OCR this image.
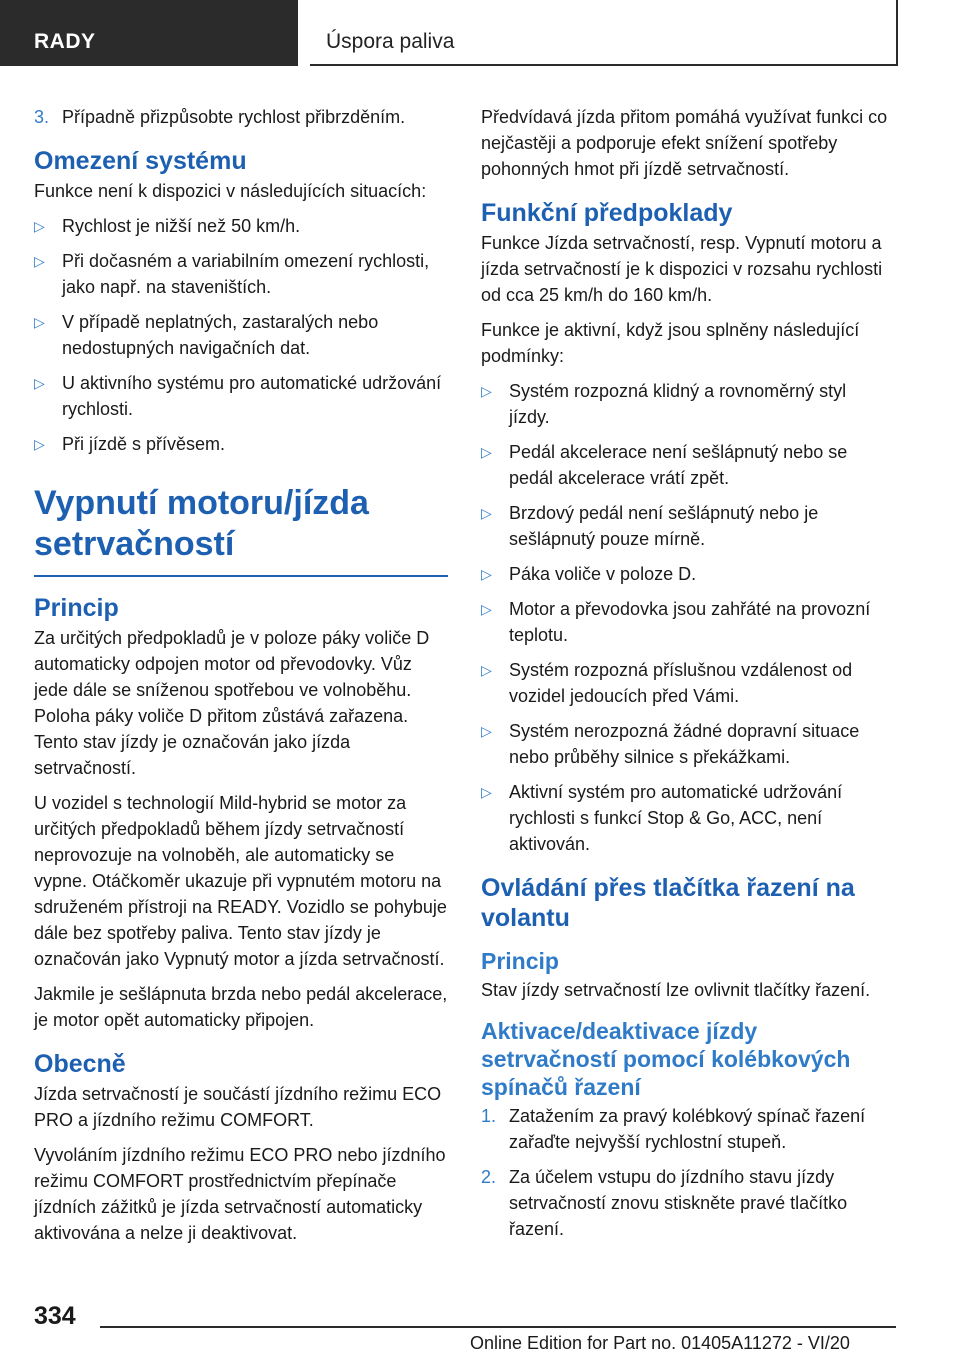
RADY	Úspora paliva
3. Případně přizpůsobte rychlost přibrzděním.
Omezení systému

Funkce není k dispozici v následujících situacích:

▷ Rychlost je nižší než 50 km/h.
▷ Při dočasném a variabilním omezení rychlosti, jako např. na staveništích.
▷ V případě neplatných, zastaralých nebo nedostupných navigačních dat.
▷ U aktivního systému pro automatické udržování rychlosti.
▷ Při jízdě s přívěsem.
Vypnutí motoru/jízda setrvačností
Princip

Za určitých předpokladů je v poloze páky voliče D automaticky odpojen motor od převodovky. Vůz jede dále se sníženou spotřebou ve volnoběhu. Poloha páky voliče D přitom zůstává zařazena. Tento stav jízdy je označován jako jízda setrvačností.

U vozidel s technologií Mild-hybrid se motor za určitých předpokladů během jízdy setrvačností neprovozuje na volnoběh, ale automaticky se vypne. Otáčkoměr ukazuje při vypnutém motoru na sdruženém přístroji na READY. Vozidlo se pohybuje dále bez spotřeby paliva. Tento stav jízdy je označován jako Vypnutý motor a jízda setrvačností.

Jakmile je sešlápnuta brzda nebo pedál akcelerace, je motor opět automaticky připojen.

Obecně

Jízda setrvačností je součástí jízdního režimu ECO PRO a jízdního režimu COMFORT.

Vyvoláním jízdního režimu ECO PRO nebo jízdního režimu COMFORT prostřednictvím přepínače jízdních zážitků je jízda setrvačností automaticky aktivována a nelze ji deaktivovat.

Předvídavá jízda přitom pomáhá využívat funkci co nejčastěji a podporuje efekt snížení spotřeby pohonných hmot při jízdě setrvačností.

Funkční předpoklady

Funkce Jízda setrvačností, resp. Vypnutí motoru a jízda setrvačností je k dispozici v rozsahu rychlosti od cca 25 km/h do 160 km/h.

Funkce je aktivní, když jsou splněny následující podmínky:

▷ Systém rozpozná klidný a rovnoměrný styl jízdy.
▷ Pedál akcelerace není sešlápnutý nebo se pedál akcelerace vrátí zpět.
▷ Brzdový pedál není sešlápnutý nebo je sešlápnutý pouze mírně.
▷ Páka voliče v poloze D.
▷ Motor a převodovka jsou zahřáté na provozní teplotu.
▷ Systém rozpozná příslušnou vzdálenost od vozidel jedoucích před Vámi.
▷ Systém nerozpozná žádné dopravní situace nebo průběhy silnice s překážkami.
▷ Aktivní systém pro automatické udržování rychlosti s funkcí Stop & Go, ACC, není aktivován.
Ovládání přes tlačítka řazení na volantu
Princip

Stav jízdy setrvačností lze ovlivnit tlačítky řazení.

Aktivace/deaktivace jízdy setrvačností pomocí kolébkových spínačů řazení
1. Zatažením za pravý kolébkový spínač řazení zařaďte nejvyšší rychlostní stupeň.
2. Za účelem vstupu do jízdního stavu jízdy setrvačností znovu stiskněte pravé tlačítko řazení.
334
Online Edition for Part no. 01405A11272 - VI/20
